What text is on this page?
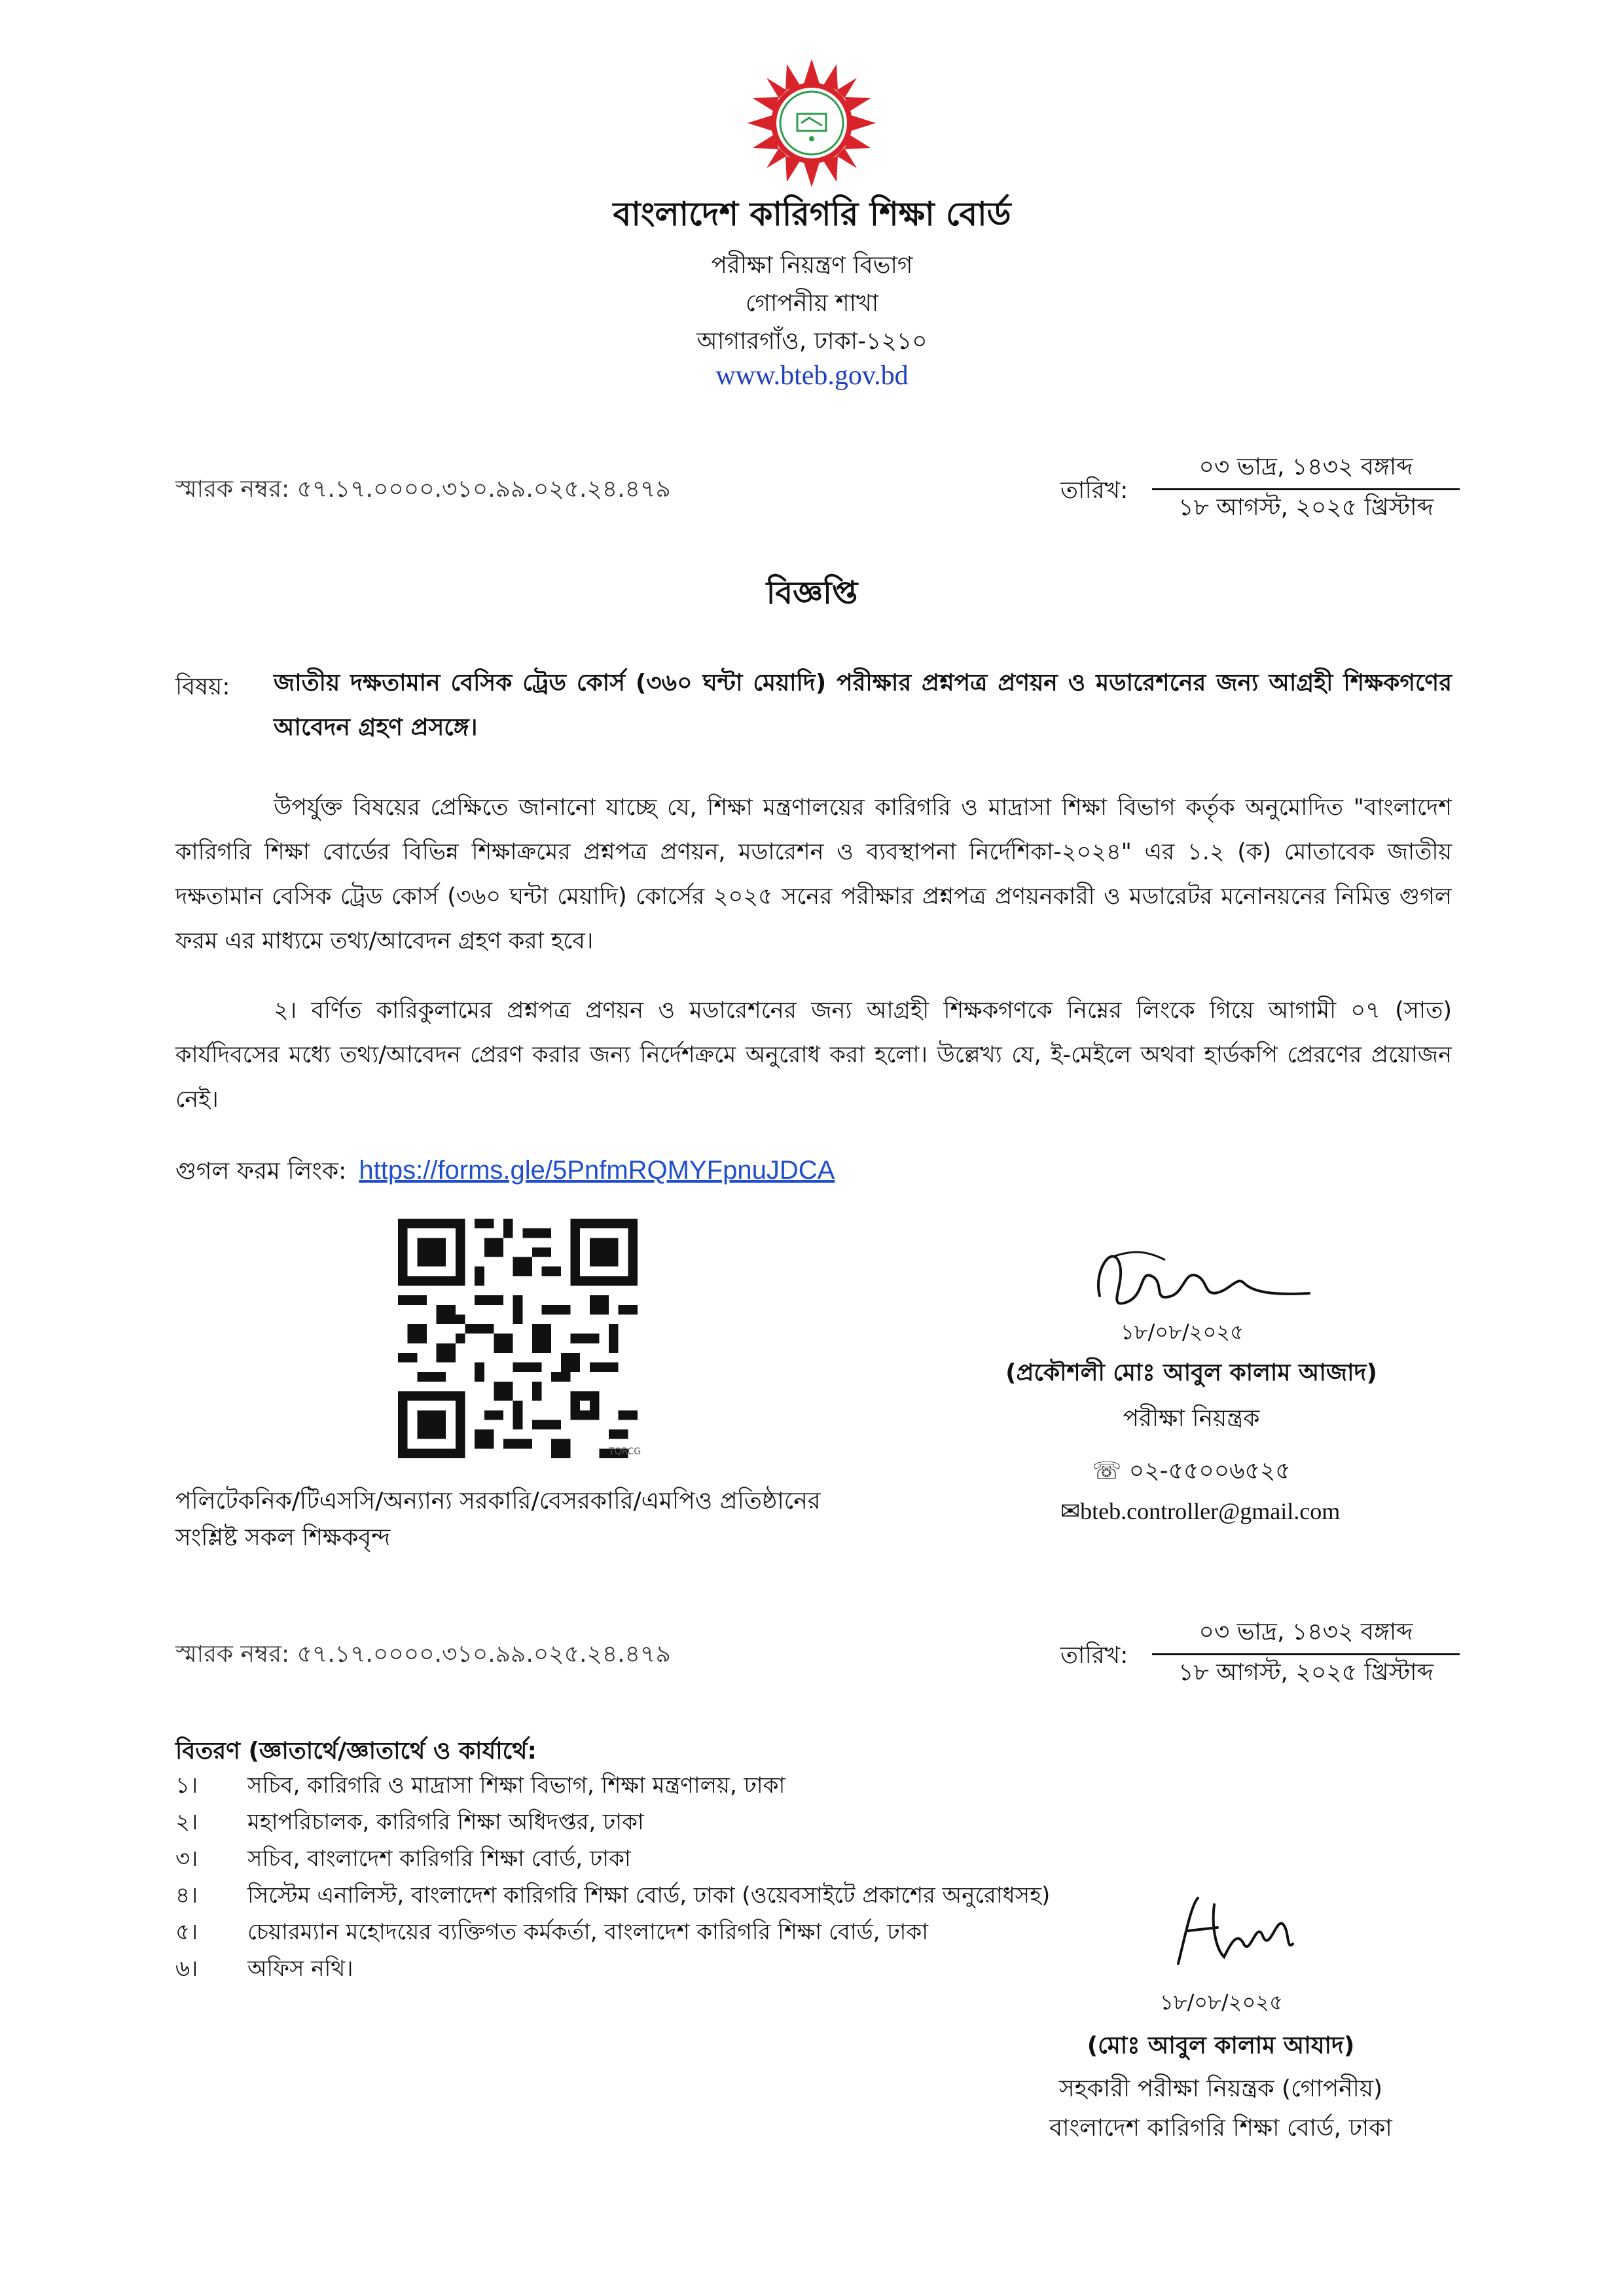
বাংলাদেশ কারিগরি শিক্ষা বোর্ড
পরীক্ষা নিয়ন্ত্রণ বিভাগ
গোপনীয় শাখা
আগারগাঁও, ঢাকা-১২১০
www.bteb.gov.bd
স্মারক নম্বর: ৫৭.১৭.০০০০.৩১০.৯৯.০২৫.২৪.৪৭৯	তারিখ:
০৩ ভাদ্র, ১৪৩২ বঙ্গাব্দ
১৮ আগস্ট, ২০২৫ খ্রিস্টাব্দ
বিজ্ঞপ্তি
বিষয়: জাতীয় দক্ষতামান বেসিক ট্রেড কোর্স (৩৬০ ঘন্টা মেয়াদি) পরীক্ষার প্রশ্নপত্র প্রণয়ন ও মডারেশনের জন্য আগ্রহী শিক্ষকগণের আবেদন গ্রহণ প্রসঙ্গে।
উপর্যুক্ত বিষয়ের প্রেক্ষিতে জানানো যাচ্ছে যে, শিক্ষা মন্ত্রণালয়ের কারিগরি ও মাদ্রাসা শিক্ষা বিভাগ কর্তৃক অনুমোদিত "বাংলাদেশ কারিগরি শিক্ষা বোর্ডের বিভিন্ন শিক্ষাক্রমের প্রশ্নপত্র প্রণয়ন, মডারেশন ও ব্যবস্থাপনা নির্দেশিকা-২০২৪" এর ১.২ (ক) মোতাবেক জাতীয় দক্ষতামান বেসিক ট্রেড কোর্স (৩৬০ ঘন্টা মেয়াদি) কোর্সের ২০২৫ সনের পরীক্ষার প্রশ্নপত্র প্রণয়নকারী ও মডারেটর মনোনয়নের নিমিত্ত গুগল ফরম এর মাধ্যমে তথ্য/আবেদন গ্রহণ করা হবে।
২। বর্ণিত কারিকুলামের প্রশ্নপত্র প্রণয়ন ও মডারেশনের জন্য আগ্রহী শিক্ষকগণকে নিম্নের লিংকে গিয়ে আগামী ০৭ (সাত) কার্যদিবসের মধ্যে তথ্য/আবেদন প্রেরণ করার জন্য নির্দেশক্রমে অনুরোধ করা হলো। উল্লেখ্য যে, ই-মেইলে অথবা হার্ডকপি প্রেরণের প্রয়োজন নেই।
গুগল ফরম লিংক: https://forms.gle/5PnfmRQMYFpnuJDCA
TQRCG
১৮/০৮/২০২৫
(প্রকৌশলী মোঃ আবুল কালাম আজাদ)
পরীক্ষা নিয়ন্ত্রক
☏ ০২-৫৫০০৬৫২৫
✉bteb.controller@gmail.com
পলিটেকনিক/টিএসসি/অন্যান্য সরকারি/বেসরকারি/এমপিও প্রতিষ্ঠানের
সংশ্লিষ্ট সকল শিক্ষকবৃন্দ
স্মারক নম্বর: ৫৭.১৭.০০০০.৩১০.৯৯.০২৫.২৪.৪৭৯	তারিখ:
০৩ ভাদ্র, ১৪৩২ বঙ্গাব্দ
১৮ আগস্ট, ২০২৫ খ্রিস্টাব্দ
বিতরণ (জ্ঞাতার্থে/জ্ঞাতার্থে ও কার্যার্থে:
১। সচিব, কারিগরি ও মাদ্রাসা শিক্ষা বিভাগ, শিক্ষা মন্ত্রণালয়, ঢাকা
২। মহাপরিচালক, কারিগরি শিক্ষা অধিদপ্তর, ঢাকা
৩। সচিব, বাংলাদেশ কারিগরি শিক্ষা বোর্ড, ঢাকা
৪। সিস্টেম এনালিস্ট, বাংলাদেশ কারিগরি শিক্ষা বোর্ড, ঢাকা (ওয়েবসাইটে প্রকাশের অনুরোধসহ)
৫। চেয়ারম্যান মহোদয়ের ব্যক্তিগত কর্মকর্তা, বাংলাদেশ কারিগরি শিক্ষা বোর্ড, ঢাকা
৬। অফিস নথি।
১৮/০৮/২০২৫
(মোঃ আবুল কালাম আযাদ)
সহকারী পরীক্ষা নিয়ন্ত্রক (গোপনীয়)
বাংলাদেশ কারিগরি শিক্ষা বোর্ড, ঢাকা
